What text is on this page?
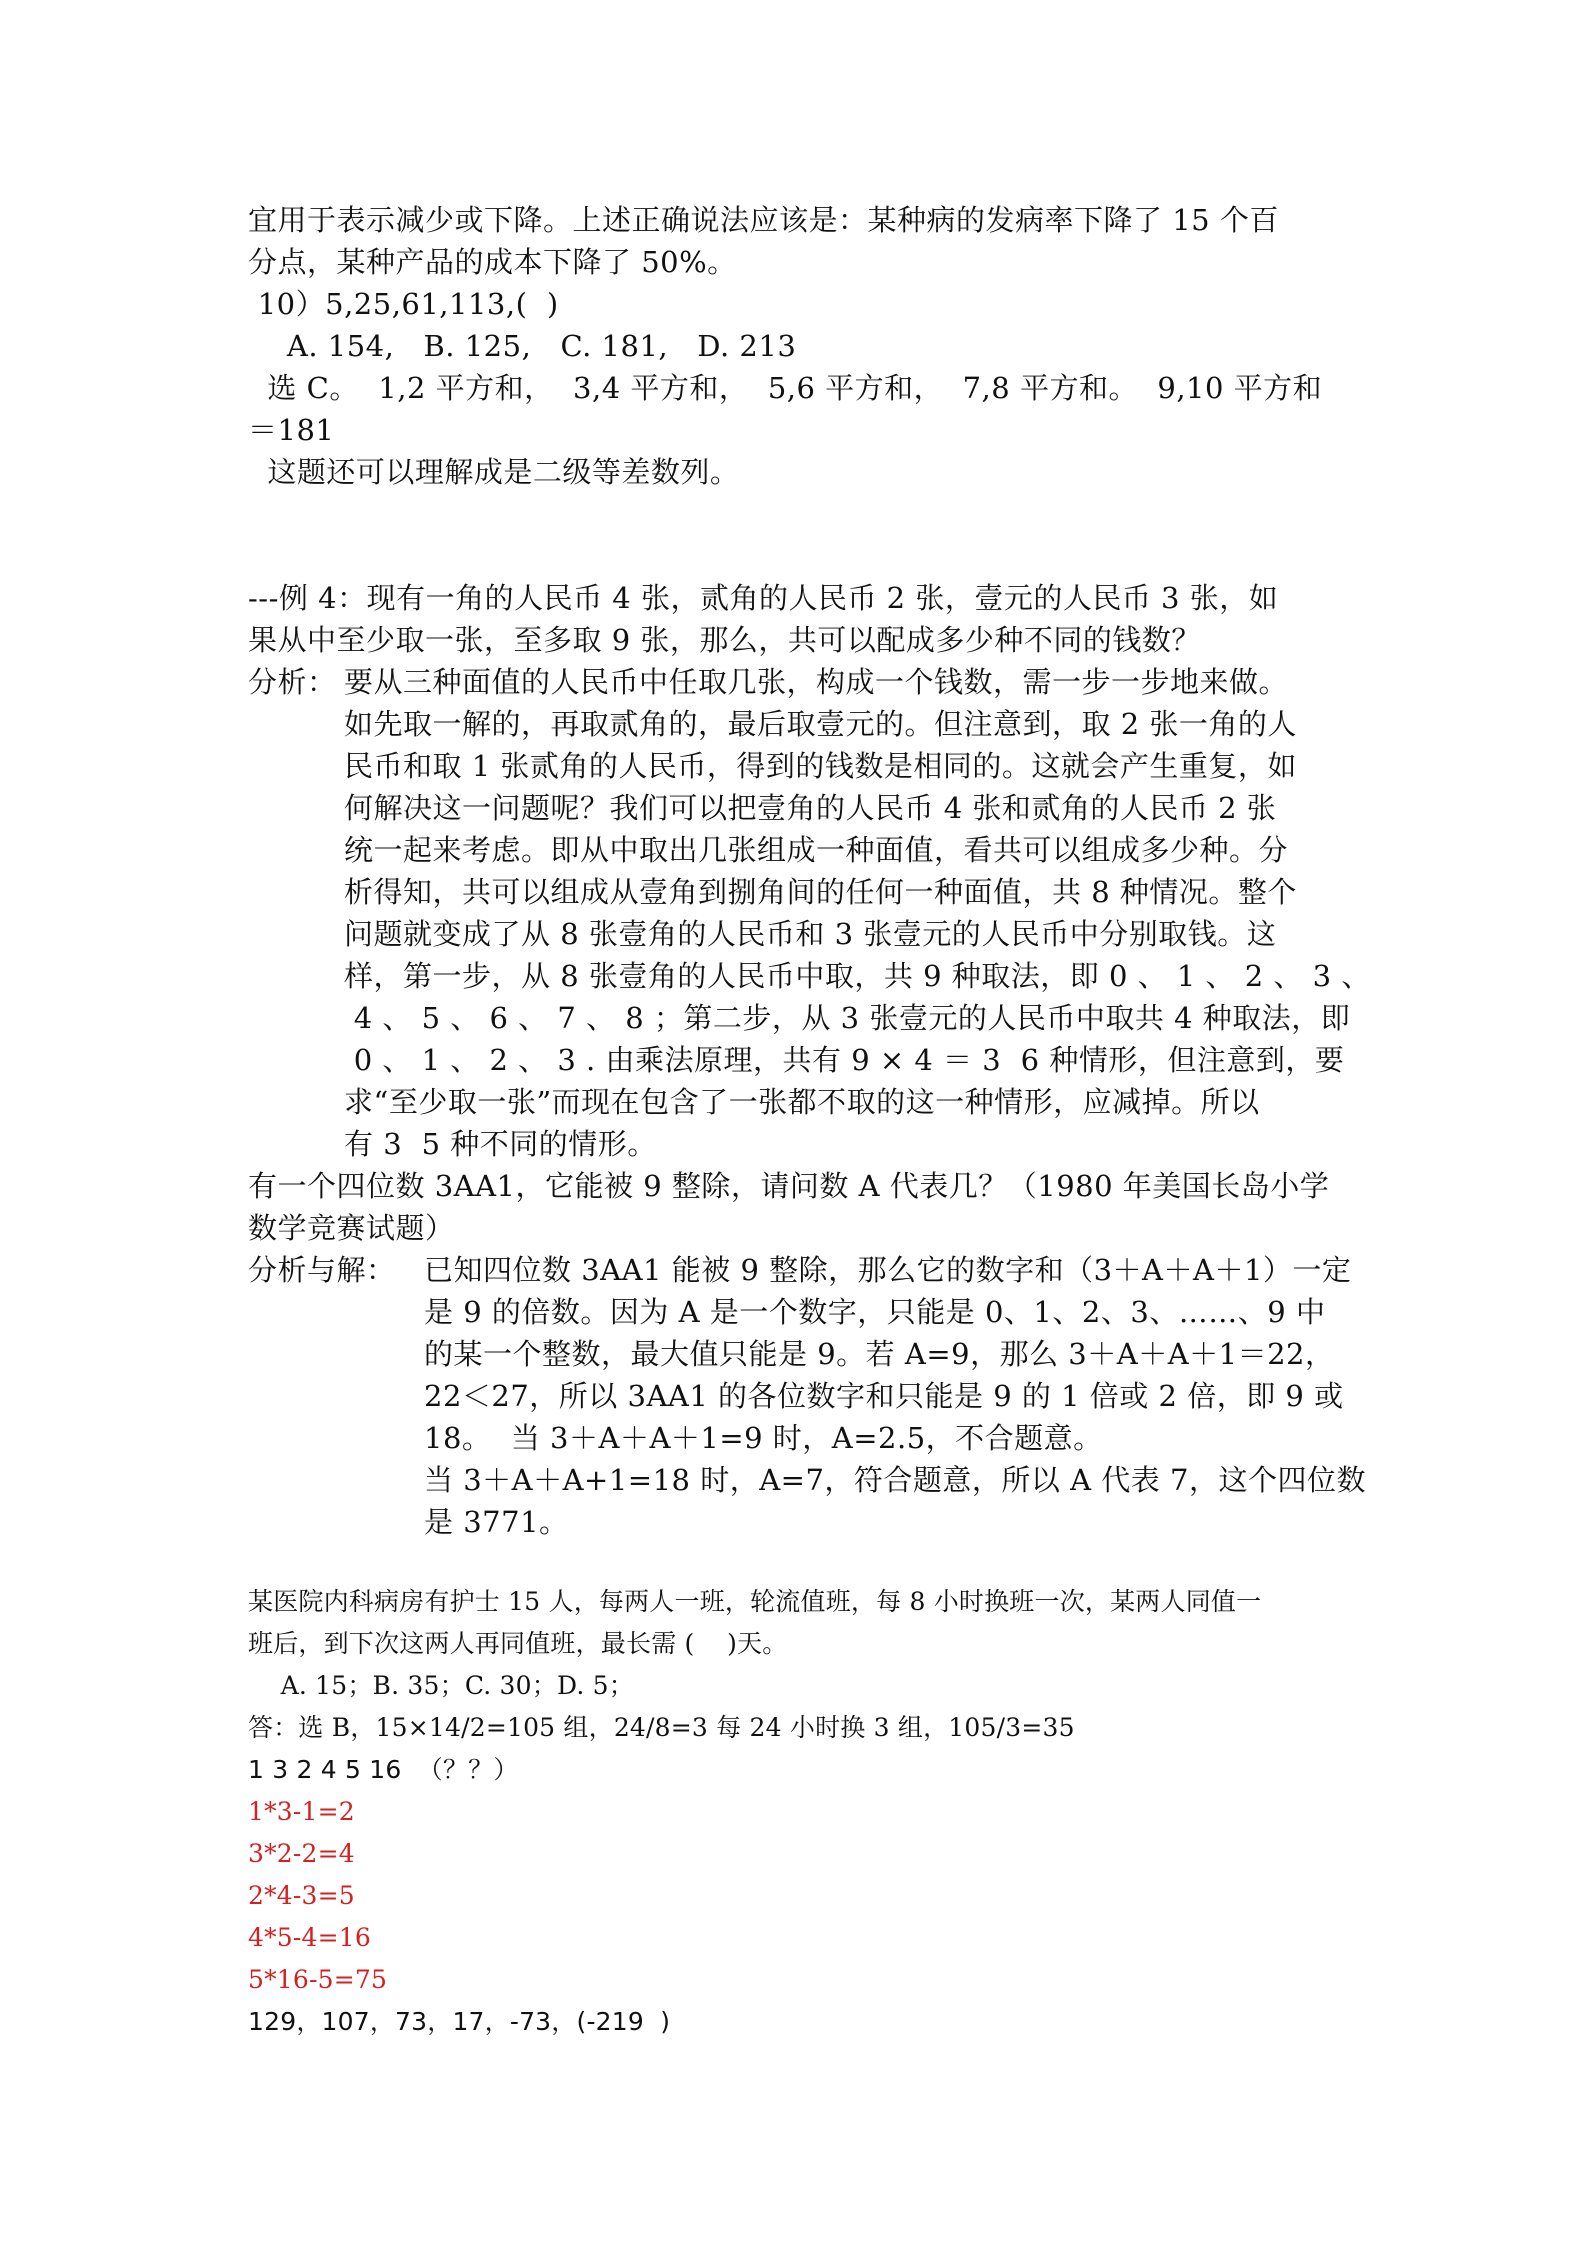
宜用于表示减少或下降。上述正确说法应该是：某种病的发病率下降了 15 个百
分点，某种产品的成本下降了 50%。
10）5,25,61,113,(  )
A. 154,   B. 125,   C. 181,   D. 213
选 C。  1,2 平方和，  3,4 平方和，  5,6 平方和，  7,8 平方和。  9,10 平方和
＝181
这题还可以理解成是二级等差数列。
---例 4：现有一角的人民币 4 张，贰角的人民币 2 张，壹元的人民币 3 张，如
果从中至少取一张，至多取 9 张，那么，共可以配成多少种不同的钱数？
分析： 要从三种面值的人民币中任取几张，构成一个钱数，需一步一步地来做。
如先取一解的，再取贰角的，最后取壹元的。但注意到，取 2 张一角的人
民币和取 1 张贰角的人民币，得到的钱数是相同的。这就会产生重复，如
何解决这一问题呢？我们可以把壹角的人民币 4 张和贰角的人民币 2 张
统一起来考虑。即从中取出几张组成一种面值，看共可以组成多少种。分
析得知，共可以组成从壹角到捌角间的任何一种面值，共 8 种情况。整个
问题就变成了从 8 张壹角的人民币和 3 张壹元的人民币中分别取钱。这
样，第一步，从 8 张壹角的人民币中取，共 9 种取法，即 0 、 1 、 2 、 3 、
4 、 5 、 6 、 7 、 8 ；第二步，从 3 张壹元的人民币中取共 4 种取法，即
0 、 1 、 2 、 3 . 由乘法原理，共有 9 × 4 ＝ 3  6 种情形，但注意到，要
求“至少取一张”而现在包含了一张都不取的这一种情形，应减掉。所以
有 3  5 种不同的情形。
有一个四位数 3AA1，它能被 9 整除，请问数 A 代表几？（1980 年美国长岛小学
数学竞赛试题）
分析与解： 已知四位数 3AA1 能被 9 整除，那么它的数字和（3＋A＋A＋1）一定
是 9 的倍数。因为 A 是一个数字，只能是 0、1、2、3、……、9 中
的某一个整数，最大值只能是 9。若 A=9，那么 3＋A＋A＋1＝22，
22＜27，所以 3AA1 的各位数字和只能是 9 的 1 倍或 2 倍，即 9 或
18。  当 3＋A＋A＋1=9 时，A=2.5，不合题意。
当 3＋A＋A+1=18 时，A=7，符合题意，所以 A 代表 7，这个四位数
是 3771。
某医院内科病房有护士 15 人，每两人一班，轮流值班，每 8 小时换班一次，某两人同值一
班后，到下次这两人再同值班，最长需 (    )天。
A. 15；B. 35；C. 30；D. 5；
答：选 B，15×14/2=105 组，24/8=3 每 24 小时换 3 组，105/3=35
1 3 2 4 5 16  （？？）
1*3-1=2
3*2-2=4
2*4-3=5
4*5-4=16
5*16-5=75
129，107，73，17，-73，(-219  )
